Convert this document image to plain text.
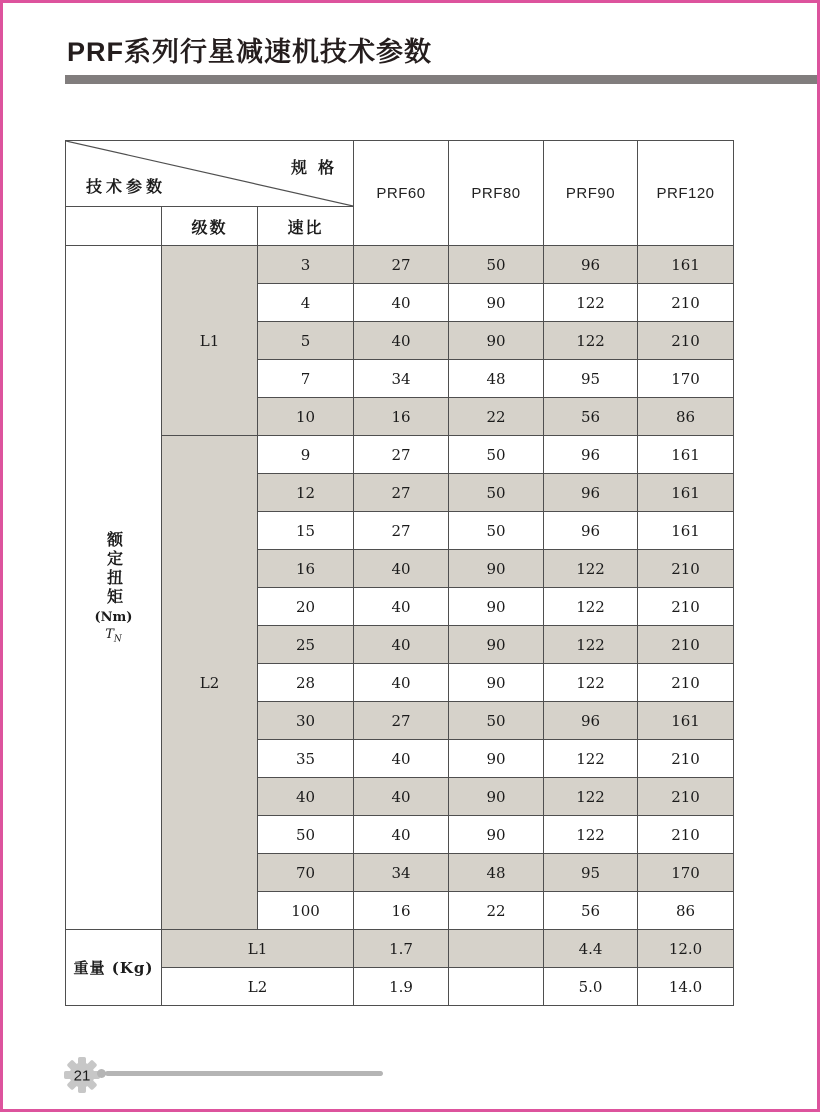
PRF系列行星减速机技术参数
规格
技术参数			PRF60	PRF80	PRF90	PRF120
	级数	速比				

额定扭矩
(Nm)
$T_N$	L1	3	27	50	96	161
		4	40	90	122	210
		5	40	90	122	210
		7	34	48	95	170
		10	16	22	56	86
	L2	9	27	50	96	161
		12	27	50	96	161
		15	27	50	96	161
		16	40	90	122	210
		20	40	90	122	210
		25	40	90	122	210
		28	40	90	122	210
		30	27	50	96	161
		35	40	90	122	210
		40	40	90	122	210
		50	40	90	122	210
		70	34	48	95	170
		100	16	22	56	86
重量 (Kg)	L1		1.7		4.4	12.0
	L2		1.9		5.0	14.0
21
